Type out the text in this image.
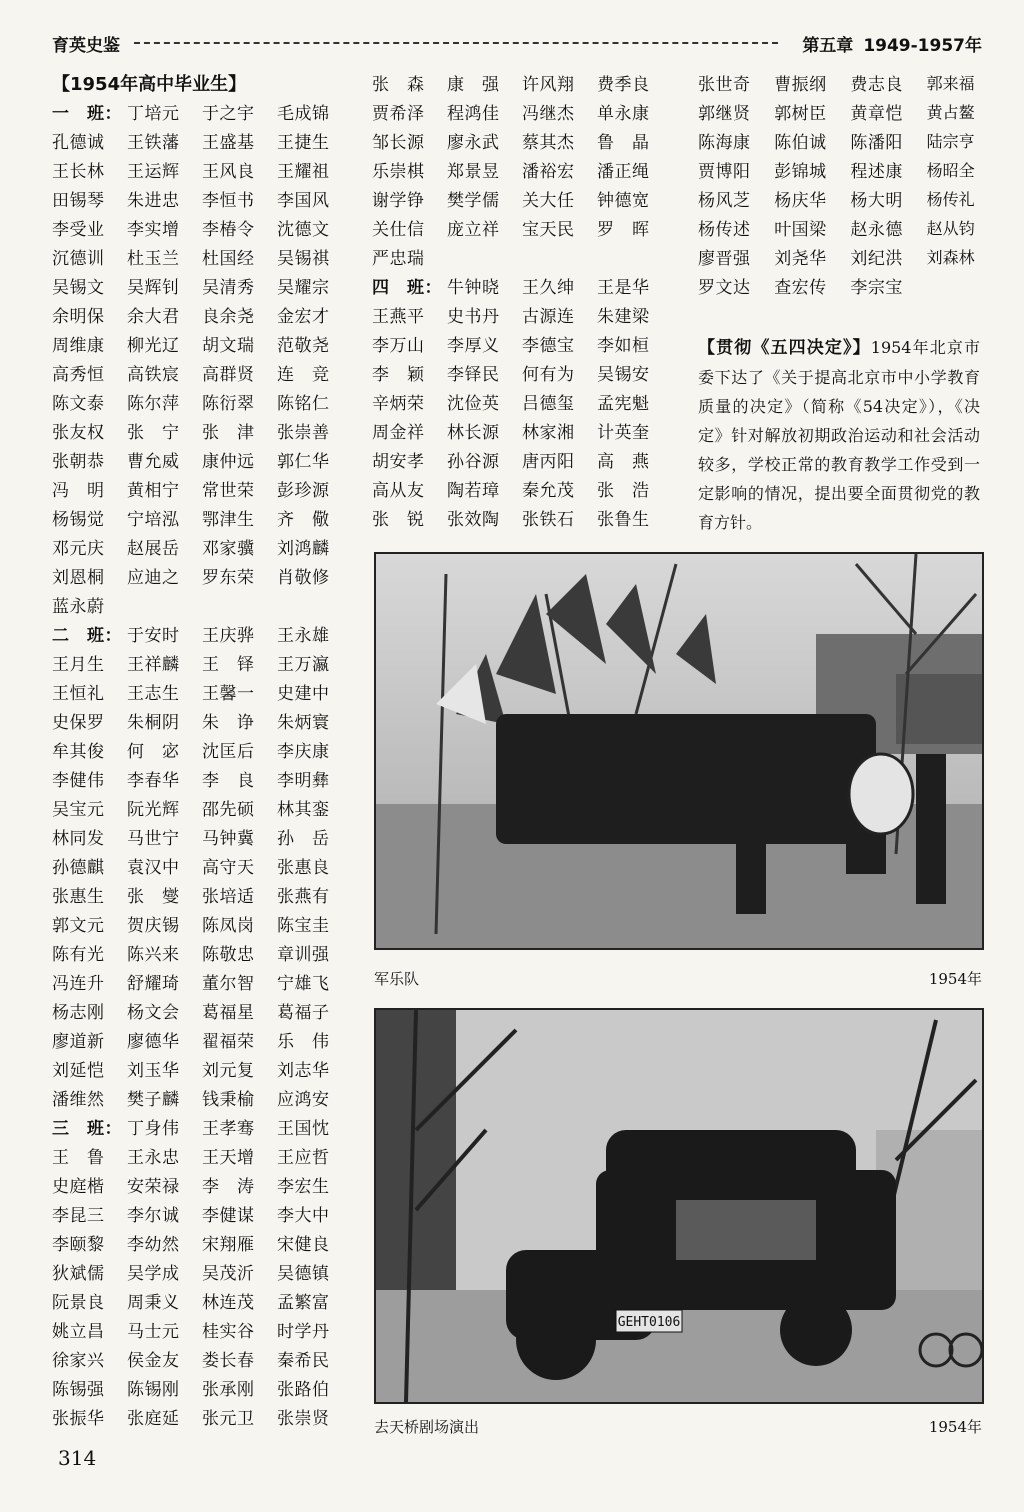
育英史鉴	第五章 1949-1957年
【1954年高中毕业生】
一　班： 丁培元	于之宇	毛成锦
孔德诚	王铁藩	王盛基	王捷生
王长林	王运辉	王风良	王耀祖
田锡琴	朱进忠	李恒书	李国风
李受业	李实增	李椿令	沈德文
沉德训	杜玉兰	杜国经	吴锡祺
吴锡文	吴辉钊	吴清秀	吴耀宗
余明保	余大君	良余尧	金宏才
周维康	柳光辽	胡文瑞	范敬尧
高秀恒	高铁宸	高群贤	连　竞
陈文泰	陈尔萍	陈衍翠	陈铭仁
张友权	张　宁	张　津	张崇善
张朝恭	曹允威	康仲远	郭仁华
冯　明	黄相宁	常世荣	彭珍源
杨锡觉	宁培泓	鄂津生	齐　儆
邓元庆	赵展岳	邓家骥	刘鸿麟
刘恩桐	应迪之	罗东荣	肖敬修
蓝永蔚
二　班： 于安时	王庆骅	王永雄
王月生	王祥麟	王　铎	王万瀛
王恒礼	王志生	王馨一	史建中
史保罗	朱桐阴	朱　诤	朱炳寰
牟其俊	何　宓	沈匡后	李庆康
李健伟	李春华	李　良	李明彝
吴宝元	阮光辉	邵先硕	林其銮
林同发	马世宁	马钟冀	孙　岳
孙德麒	袁汉中	高守天	张惠良
张惠生	张　燮	张培适	张燕有
郭文元	贺庆锡	陈凤岗	陈宝圭
陈有光	陈兴来	陈敬忠	章训强
冯连升	舒耀琦	董尔智	宁雄飞
杨志刚	杨文会	葛福星	葛福子
廖道新	廖德华	翟福荣	乐　伟
刘延恺	刘玉华	刘元复	刘志华
潘维然	樊子麟	钱秉榆	应鸿安
三　班： 丁身伟	王孝骞	王国忱
王　鲁	王永忠	王天增	王应哲
史庭楷	安荣禄	李　涛	李宏生
李昆三	李尔诚	李健谋	李大中
李颐黎	李幼然	宋翔雁	宋健良
狄斌儒	吴学成	吴茂沂	吴德镇
阮景良	周秉义	林连茂	孟繁富
姚立昌	马士元	桂实谷	时学丹
徐家兴	侯金友	娄长春	秦希民
陈锡强	陈锡刚	张承刚	张路伯
张振华	张庭延	张元卫	张崇贤
张　森	康　强	许风翔	费季良
贾希泽	程鸿佳	冯继杰	单永康
邹长源	廖永武	蔡其杰	鲁　晶
乐崇棋	郑景昱	潘裕宏	潘正绳
谢学铮	樊学儒	关大任	钟德宽
关仕信	庞立祥	宝天民	罗　晖
严忠瑞
四　班： 牛钟晓	王久绅	王是华
王燕平	史书丹	古源连	朱建梁
李万山	李厚义	李德宝	李如桓
李　颖	李铎民	何有为	吴锡安
辛炳荣	沈俭英	吕德玺	孟宪魁
周金祥	林长源	林家湘	计英奎
胡安孝	孙谷源	唐丙阳	高　燕
高从友	陶若璋	秦允茂	张　浩
张　锐	张效陶	张铁石	张鲁生
张世奇	曹振纲	费志良	郭来福
郭继贤	郭树臣	黄章恺	黄占鳌
陈海康	陈伯诚	陈潘阳	陆宗亨
贾博阳	彭锦城	程述康	杨昭全
杨风芝	杨庆华	杨大明	杨传礼
杨传述	叶国梁	赵永德	赵从钧
廖晋强	刘尧华	刘纪洪	刘森林
罗文达	查宏传	李宗宝
【贯彻《五四决定》】1954年北京市委下达了《关于提高北京市中小学教育质量的决定》（简称《54决定》），《决定》针对解放初期政治运动和社会活动较多，学校正常的教育教学工作受到一定影响的情况，提出要全面贯彻党的教育方针。
军乐队	1954年
GEHT0106
去天桥剧场演出	1954年
314
